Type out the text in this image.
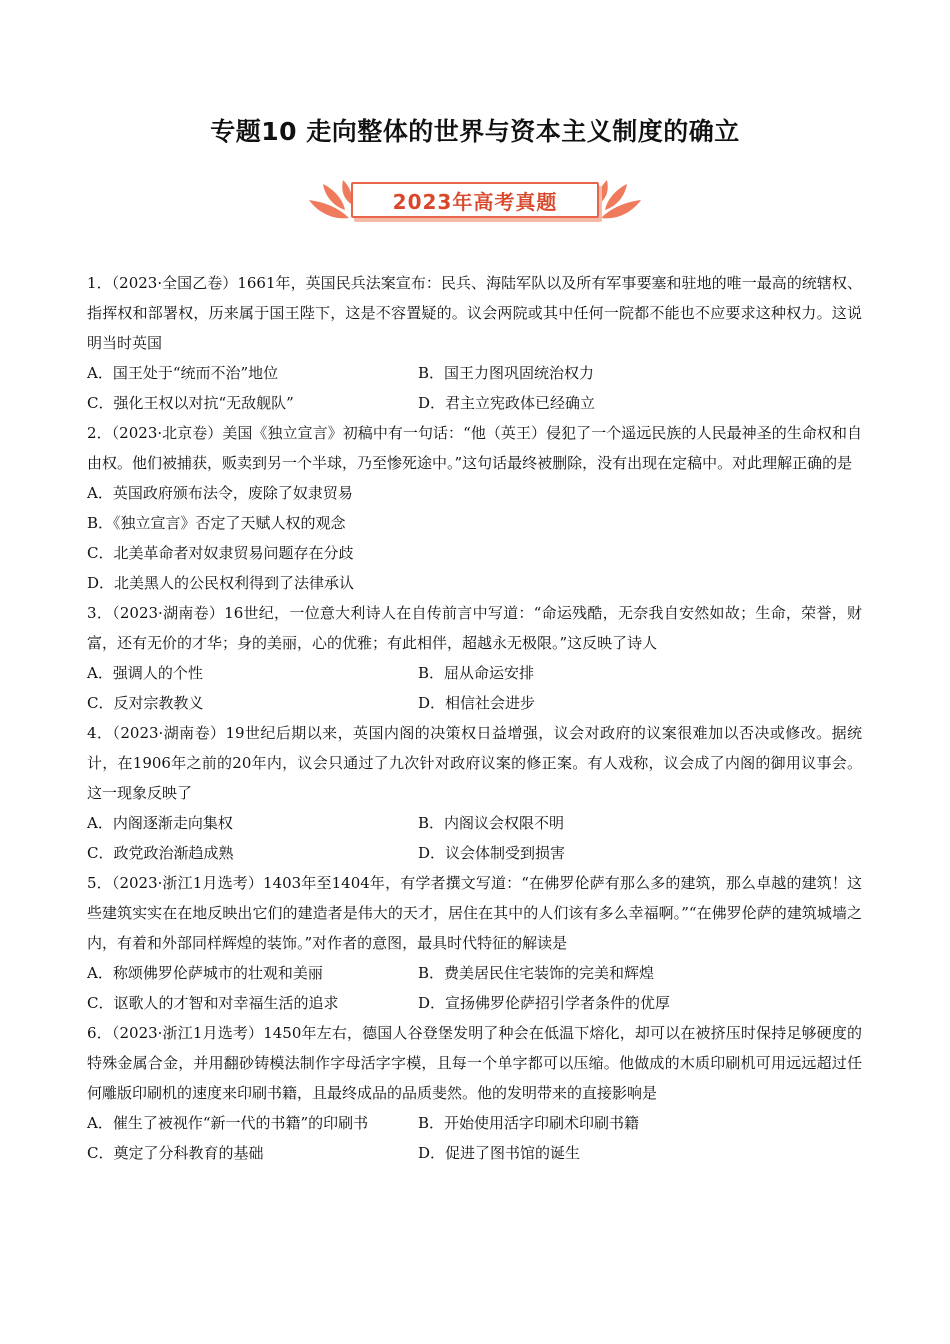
专题10 走向整体的世界与资本主义制度的确立
2023年高考真题
1．（2023·全国乙卷）1661年，英国民兵法案宣布：民兵、海陆军队以及所有军事要塞和驻地的唯一最高的统辖权、指挥权和部署权，历来属于国王陛下，这是不容置疑的。议会两院或其中任何一院都不能也不应要求这种权力。这说明当时英国
A．国王处于“统而不治”地位	B．国王力图巩固统治权力
C．强化王权以对抗“无敌舰队”	D．君主立宪政体已经确立
2．（2023·北京卷）美国《独立宣言》初稿中有一句话：“他（英王）侵犯了一个遥远民族的人民最神圣的生命权和自由权。他们被捕获，贩卖到另一个半球，乃至惨死途中。”这句话最终被删除，没有出现在定稿中。对此理解正确的是
A．英国政府颁布法令，废除了奴隶贸易
B．《独立宣言》否定了天赋人权的观念
C．北美革命者对奴隶贸易问题存在分歧
D．北美黑人的公民权利得到了法律承认
3．（2023·湖南卷）16世纪，一位意大利诗人在自传前言中写道：“命运残酷，无奈我自安然如故；生命，荣誉，财富，还有无价的才华；身的美丽，心的优雅；有此相伴，超越永无极限。”这反映了诗人
A．强调人的个性	B．屈从命运安排
C．反对宗教教义	D．相信社会进步
4．（2023·湖南卷）19世纪后期以来，英国内阁的决策权日益增强，议会对政府的议案很难加以否决或修改。据统计，在1906年之前的20年内，议会只通过了九次针对政府议案的修正案。有人戏称，议会成了内阁的御用议事会。这一现象反映了
A．内阁逐渐走向集权	B．内阁议会权限不明
C．政党政治渐趋成熟	D．议会体制受到损害
5．（2023·浙江1月选考）1403年至1404年，有学者撰文写道：“在佛罗伦萨有那么多的建筑，那么卓越的建筑！这些建筑实实在在地反映出它们的建造者是伟大的天才，居住在其中的人们该有多么幸福啊。”“在佛罗伦萨的建筑城墙之内，有着和外部同样辉煌的装饰。”对作者的意图，最具时代特征的解读是
A．称颂佛罗伦萨城市的壮观和美丽	B．费美居民住宅装饰的完美和辉煌
C．讴歌人的才智和对幸福生活的追求	D．宣扬佛罗伦萨招引学者条件的优厚
6．（2023·浙江1月选考）1450年左右，德国人谷登堡发明了种会在低温下熔化，却可以在被挤压时保持足够硬度的特殊金属合金，并用翻砂铸模法制作字母活字字模，且每一个单字都可以压缩。他做成的木质印刷机可用远远超过任何雕版印刷机的速度来印刷书籍，且最终成品的品质斐然。他的发明带来的直接影响是
A．催生了被视作“新一代的书籍”的印刷书	B．开始使用活字印刷术印刷书籍
C．奠定了分科教育的基础	D．促进了图书馆的诞生
